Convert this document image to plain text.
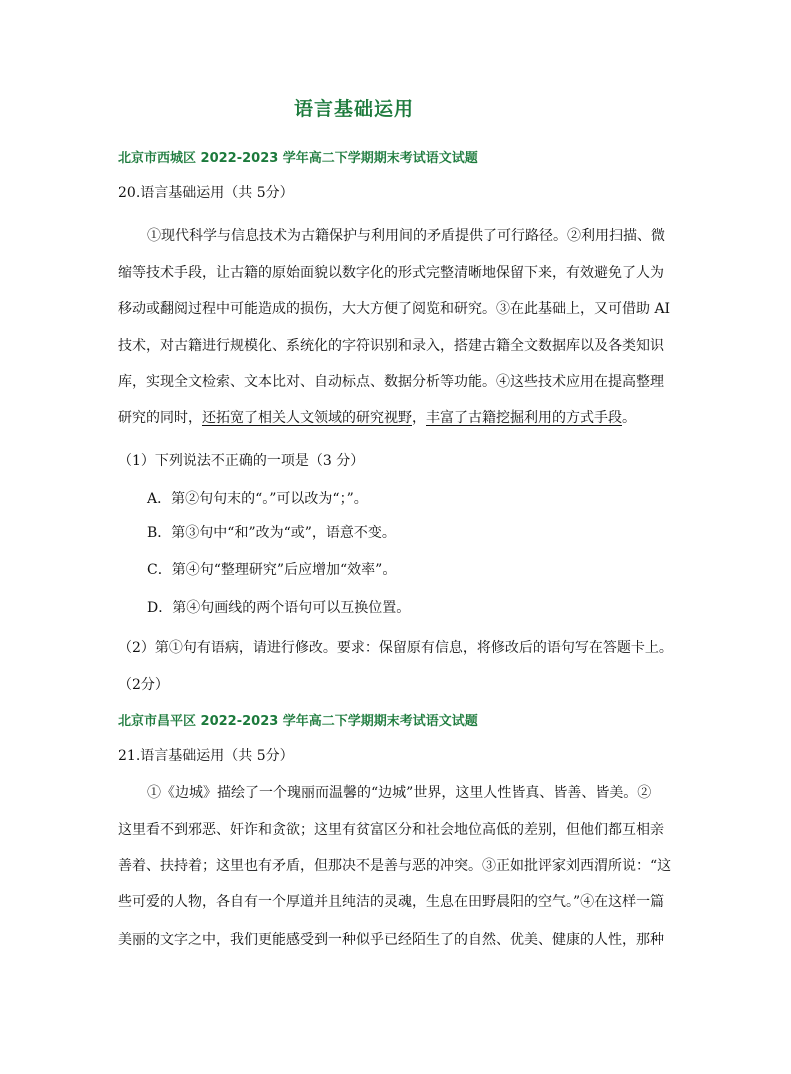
语言基础运用
北京市西城区 2022-2023 学年高二下学期期末考试语文试题
20.语言基础运用（共 5分）
①现代科学与信息技术为古籍保护与利用间的矛盾提供了可行路径。②利用扫描、微
缩等技术手段，让古籍的原始面貌以数字化的形式完整清晰地保留下来，有效避免了人为
移动或翻阅过程中可能造成的损伤，大大方便了阅览和研究。③在此基础上，又可借助 AI
技术，对古籍进行规模化、系统化的字符识别和录入，搭建古籍全文数据库以及各类知识
库，实现全文检索、文本比对、自动标点、数据分析等功能。④这些技术应用在提高整理
研究的同时，还拓宽了相关人文领域的研究视野，丰富了古籍挖掘利用的方式手段。
（1）下列说法不正确的一项是（3 分）
A．第②句句末的“。”可以改为“；”。
B．第③句中“和”改为“或”，语意不变。
C．第④句“整理研究”后应增加“效率”。
D．第④句画线的两个语句可以互换位置。
（2）第①句有语病，请进行修改。要求：保留原有信息，将修改后的语句写在答题卡上。
（2分）
北京市昌平区 2022-2023 学年高二下学期期末考试语文试题
21.语言基础运用（共 5分）
①《边城》描绘了一个瑰丽而温馨的“边城”世界，这里人性皆真、皆善、皆美。②
这里看不到邪恶、奸诈和贪欲；这里有贫富区分和社会地位高低的差别，但他们都互相亲
善着、扶持着；这里也有矛盾，但那决不是善与恶的冲突。③正如批评家刘西渭所说：“这
些可爱的人物，各自有一个厚道并且纯洁的灵魂，生息在田野晨阳的空气。”④在这样一篇
美丽的文字之中，我们更能感受到一种似乎已经陌生了的自然、优美、健康的人性，那种
